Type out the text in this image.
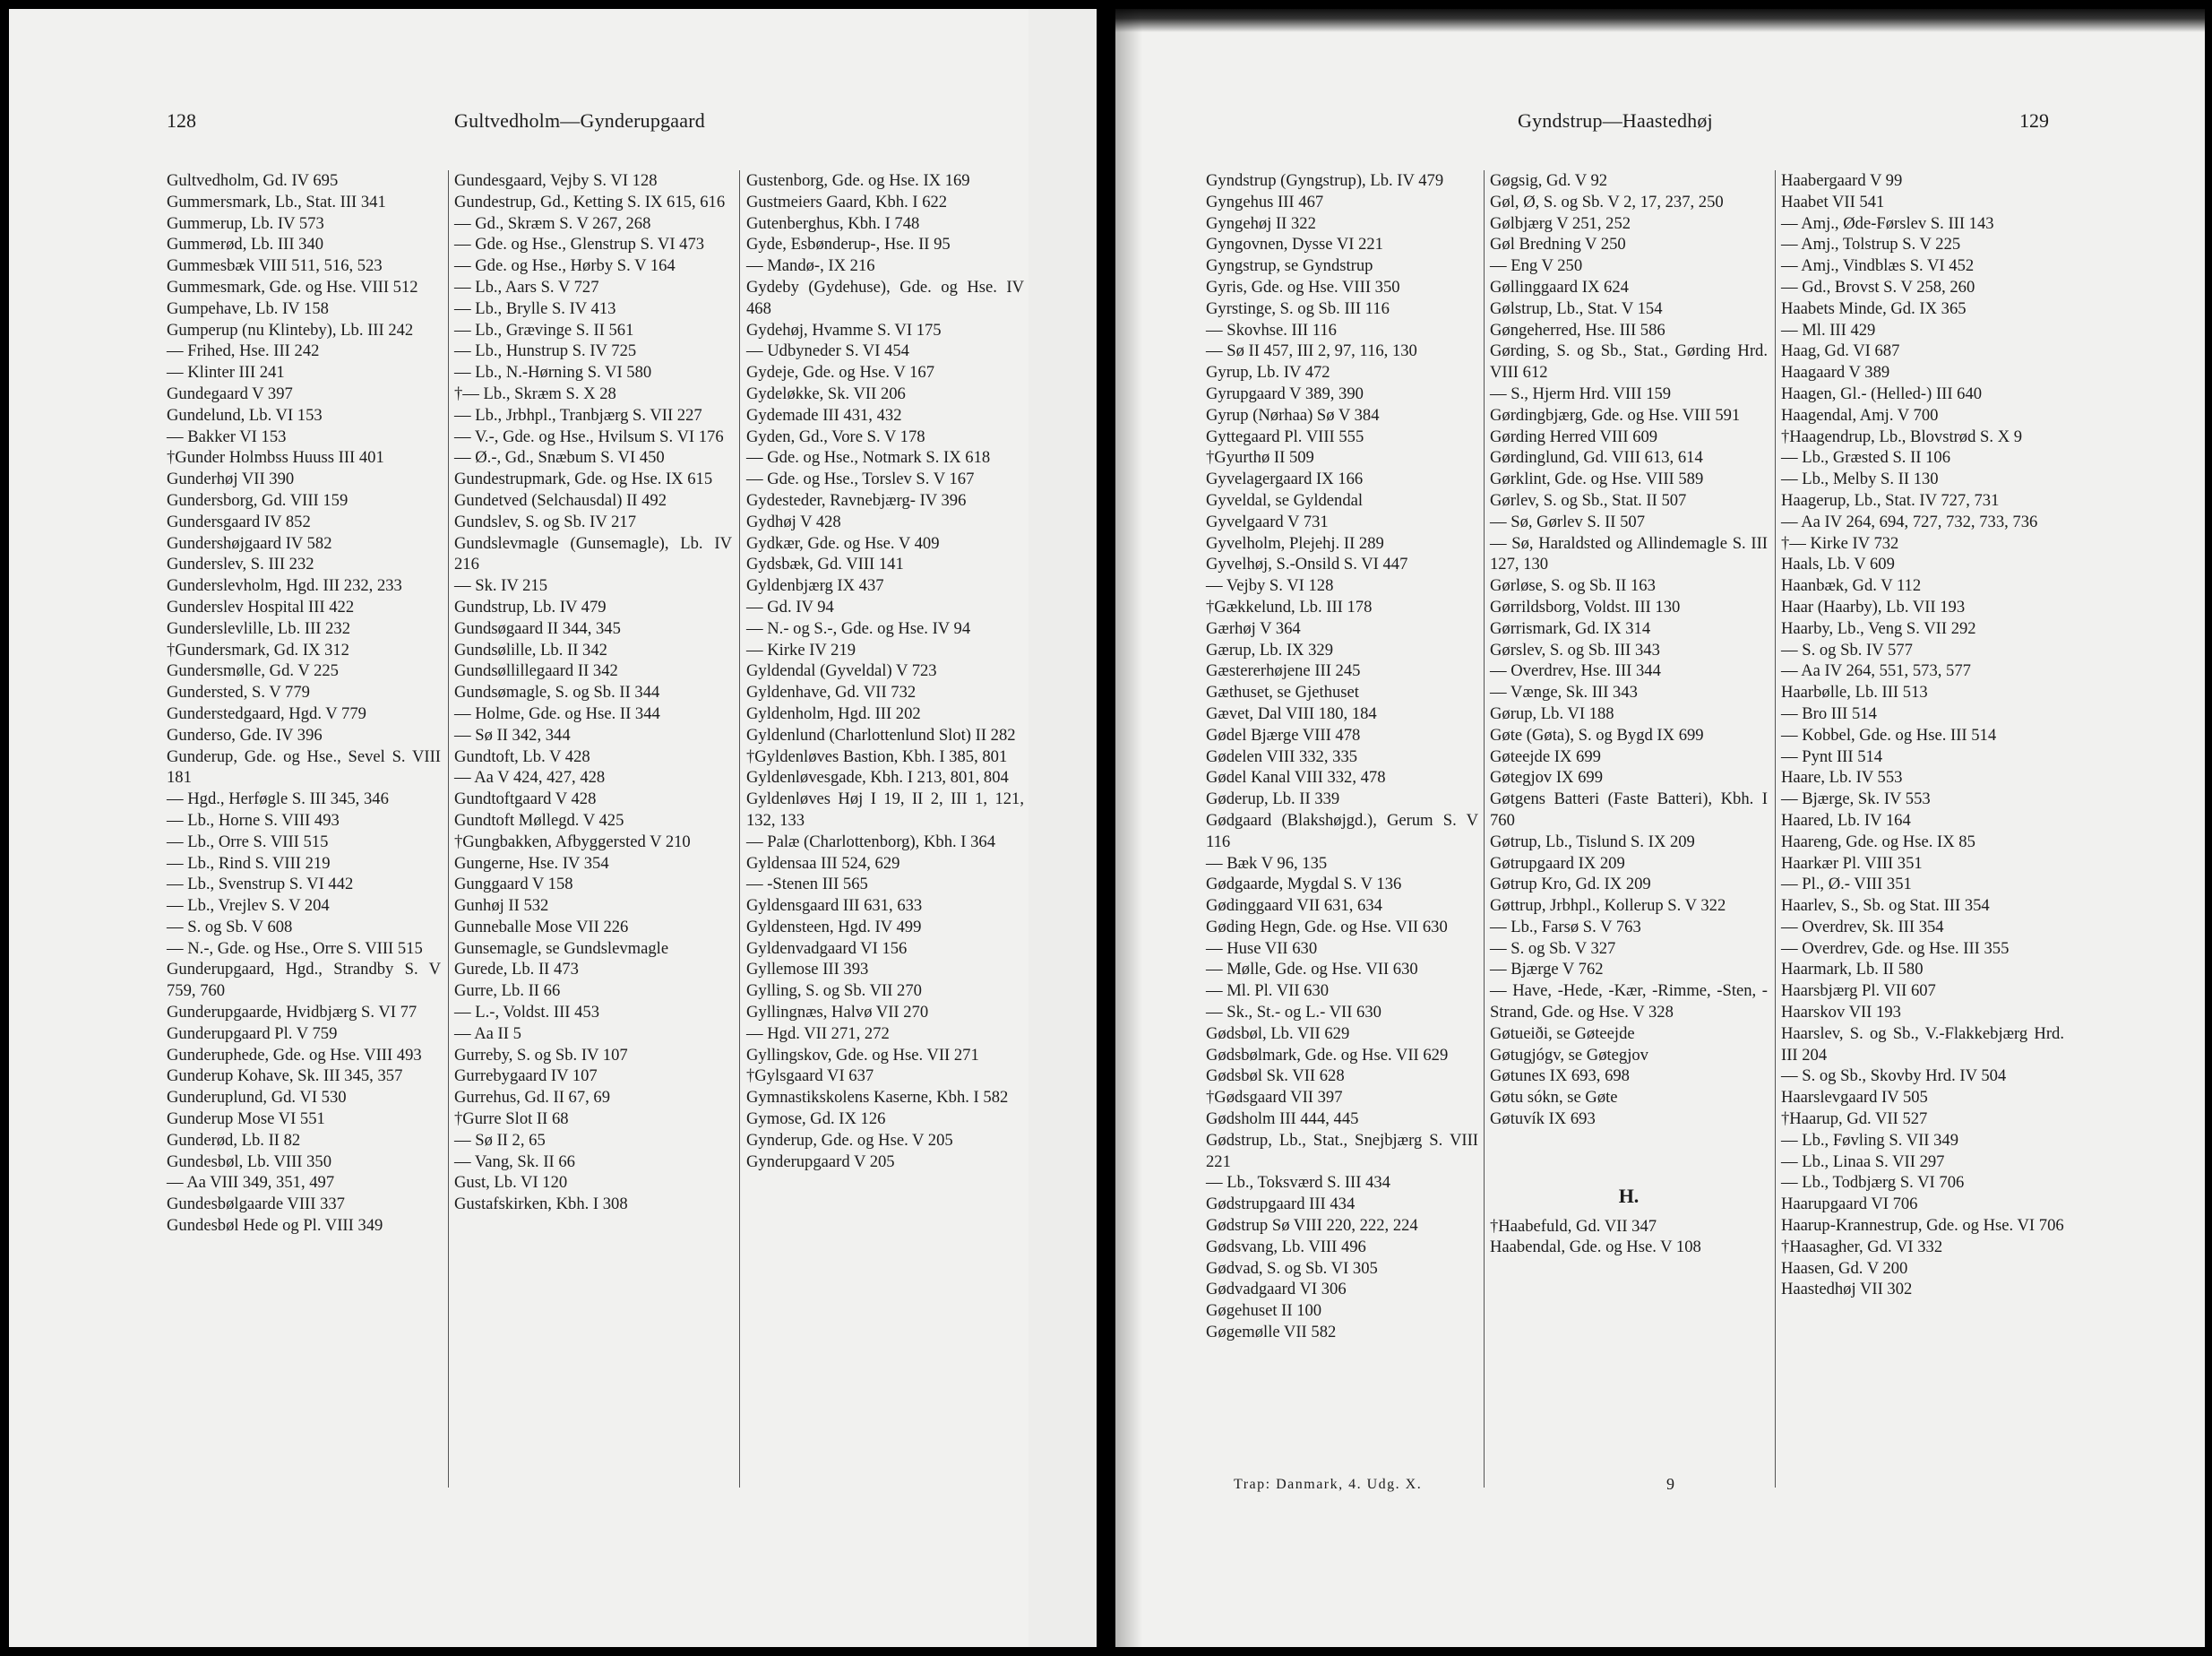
128	Gultvedholm—Gynderupgaard
Gultvedholm, Gd. IV 695
Gummersmark, Lb., Stat. III 341
Gummerup, Lb. IV 573
Gummerød, Lb. III 340
Gummesbæk VIII 511, 516, 523
Gummesmark, Gde. og Hse. VIII 512
Gumpehave, Lb. IV 158
Gumperup (nu Klinteby), Lb. III 242
— Frihed, Hse. III 242
— Klinter III 241
Gundegaard V 397
Gundelund, Lb. VI 153
— Bakker VI 153
†Gunder Holmbss Huuss III 401
Gunderhøj VII 390
Gundersborg, Gd. VIII 159
Gundersgaard IV 852
Gundershøjgaard IV 582
Gunderslev, S. III 232
Gunderslevholm, Hgd. III 232, 233
Gunderslev Hospital III 422
Gunderslevlille, Lb. III 232
†Gundersmark, Gd. IX 312
Gundersmølle, Gd. V 225
Gundersted, S. V 779
Gunderstedgaard, Hgd. V 779
Gunderso, Gde. IV 396
Gunderup, Gde. og Hse., Sevel S. VIII 181
— Hgd., Herføgle S. III 345, 346
— Lb., Horne S. VIII 493
— Lb., Orre S. VIII 515
— Lb., Rind S. VIII 219
— Lb., Svenstrup S. VI 442
— Lb., Vrejlev S. V 204
— S. og Sb. V 608
— N.-, Gde. og Hse., Orre S. VIII 515
Gunderupgaard, Hgd., Strandby S. V 759, 760
Gunderupgaarde, Hvidbjærg S. VI 77
Gunderupgaard Pl. V 759
Gunderuphede, Gde. og Hse. VIII 493
Gunderup Kohave, Sk. III 345, 357
Gunderuplund, Gd. VI 530
Gunderup Mose VI 551
Gunderød, Lb. II 82
Gundesbøl, Lb. VIII 350
— Aa VIII 349, 351, 497
Gundesbølgaarde VIII 337
Gundesbøl Hede og Pl. VIII 349
Gundesgaard, Vejby S. VI 128
Gundestrup, Gd., Ketting S. IX 615, 616
— Gd., Skræm S. V 267, 268
— Gde. og Hse., Glenstrup S. VI 473
— Gde. og Hse., Hørby S. V 164
— Lb., Aars S. V 727
— Lb., Brylle S. IV 413
— Lb., Grævinge S. II 561
— Lb., Hunstrup S. IV 725
— Lb., N.-Hørning S. VI 580
†— Lb., Skræm S. X 28
— Lb., Jrbhpl., Tranbjærg S. VII 227
— V.-, Gde. og Hse., Hvilsum S. VI 176
— Ø.-, Gd., Snæbum S. VI 450
Gundestrupmark, Gde. og Hse. IX 615
Gundetved (Selchausdal) II 492
Gundslev, S. og Sb. IV 217
Gundslevmagle (Gunsemagle), Lb. IV 216
— Sk. IV 215
Gundstrup, Lb. IV 479
Gundsøgaard II 344, 345
Gundsølille, Lb. II 342
Gundsøllillegaard II 342
Gundsømagle, S. og Sb. II 344
— Holme, Gde. og Hse. II 344
— Sø II 342, 344
Gundtoft, Lb. V 428
— Aa V 424, 427, 428
Gundtoftgaard V 428
Gundtoft Møllegd. V 425
†Gungbakken, Afbyggersted V 210
Gungerne, Hse. IV 354
Gunggaard V 158
Gunhøj II 532
Gunneballe Mose VII 226
Gunsemagle, se Gundslevmagle
Gurede, Lb. II 473
Gurre, Lb. II 66
— L.-, Voldst. III 453
— Aa II 5
Gurreby, S. og Sb. IV 107
Gurrebygaard IV 107
Gurrehus, Gd. II 67, 69
†Gurre Slot II 68
— Sø II 2, 65
— Vang, Sk. II 66
Gust, Lb. VI 120
Gustafskirken, Kbh. I 308
Gustenborg, Gde. og Hse. IX 169
Gustmeiers Gaard, Kbh. I 622
Gutenberghus, Kbh. I 748
Gyde, Esbønderup-, Hse. II 95
— Mandø-, IX 216
Gydeby (Gydehuse), Gde. og Hse. IV 468
Gydehøj, Hvamme S. VI 175
— Udbyneder S. VI 454
Gydeje, Gde. og Hse. V 167
Gydeløkke, Sk. VII 206
Gydemade III 431, 432
Gyden, Gd., Vore S. V 178
— Gde. og Hse., Notmark S. IX 618
— Gde. og Hse., Torslev S. V 167
Gydesteder, Ravnebjærg- IV 396
Gydhøj V 428
Gydkær, Gde. og Hse. V 409
Gydsbæk, Gd. VIII 141
Gyldenbjærg IX 437
— Gd. IV 94
— N.- og S.-, Gde. og Hse. IV 94
— Kirke IV 219
Gyldendal (Gyveldal) V 723
Gyldenhave, Gd. VII 732
Gyldenholm, Hgd. III 202
Gyldenlund (Charlottenlund Slot) II 282
†Gyldenløves Bastion, Kbh. I 385, 801
Gyldenløvesgade, Kbh. I 213, 801, 804
Gyldenløves Høj I 19, II 2, III 1, 121, 132, 133
— Palæ (Charlottenborg), Kbh. I 364
Gyldensaa III 524, 629
— -Stenen III 565
Gyldensgaard III 631, 633
Gyldensteen, Hgd. IV 499
Gyldenvadgaard VI 156
Gyllemose III 393
Gylling, S. og Sb. VII 270
Gyllingnæs, Halvø VII 270
— Hgd. VII 271, 272
Gyllingskov, Gde. og Hse. VII 271
†Gylsgaard VI 637
Gymnastikskolens Kaserne, Kbh. I 582
Gymose, Gd. IX 126
Gynderup, Gde. og Hse. V 205
Gynderupgaard V 205
Gyndstrup—Haastedhøj	129
Gyndstrup (Gyngstrup), Lb. IV 479
Gyngehus III 467
Gyngehøj II 322
Gyngovnen, Dysse VI 221
Gyngstrup, se Gyndstrup
Gyris, Gde. og Hse. VIII 350
Gyrstinge, S. og Sb. III 116
— Skovhse. III 116
— Sø II 457, III 2, 97, 116, 130
Gyrup, Lb. IV 472
Gyrupgaard V 389, 390
Gyrup (Nørhaa) Sø V 384
Gyttegaard Pl. VIII 555
†Gyurthø II 509
Gyvelagergaard IX 166
Gyveldal, se Gyldendal
Gyvelgaard V 731
Gyvelholm, Plejehj. II 289
Gyvelhøj, S.-Onsild S. VI 447
— Vejby S. VI 128
†Gækkelund, Lb. III 178
Gærhøj V 364
Gærup, Lb. IX 329
Gæstererhøjene III 245
Gæthuset, se Gjethuset
Gævet, Dal VIII 180, 184
Gødel Bjærge VIII 478
Gødelen VIII 332, 335
Gødel Kanal VIII 332, 478
Gøderup, Lb. II 339
Gødgaard (Blakshøjgd.), Gerum S. V 116
— Bæk V 96, 135
Gødgaarde, Mygdal S. V 136
Gødinggaard VII 631, 634
Gøding Hegn, Gde. og Hse. VII 630
— Huse VII 630
— Mølle, Gde. og Hse. VII 630
— Ml. Pl. VII 630
— Sk., St.- og L.- VII 630
Gødsbøl, Lb. VII 629
Gødsbølmark, Gde. og Hse. VII 629
Gødsbøl Sk. VII 628
†Gødsgaard VII 397
Gødsholm III 444, 445
Gødstrup, Lb., Stat., Snejbjærg S. VIII 221
— Lb., Toksværd S. III 434
Gødstrupgaard III 434
Gødstrup Sø VIII 220, 222, 224
Gødsvang, Lb. VIII 496
Gødvad, S. og Sb. VI 305
Gødvadgaard VI 306
Gøgehuset II 100
Gøgemølle VII 582
Gøgsig, Gd. V 92
Gøl, Ø, S. og Sb. V 2, 17, 237, 250
Gølbjærg V 251, 252
Gøl Bredning V 250
— Eng V 250
Gøllinggaard IX 624
Gølstrup, Lb., Stat. V 154
Gøngeherred, Hse. III 586
Gørding, S. og Sb., Stat., Gørding Hrd. VIII 612
— S., Hjerm Hrd. VIII 159
Gørdingbjærg, Gde. og Hse. VIII 591
Gørding Herred VIII 609
Gørdinglund, Gd. VIII 613, 614
Gørklint, Gde. og Hse. VIII 589
Gørlev, S. og Sb., Stat. II 507
— Sø, Gørlev S. II 507
— Sø, Haraldsted og Allindemagle S. III 127, 130
Gørløse, S. og Sb. II 163
Gørrildsborg, Voldst. III 130
Gørrismark, Gd. IX 314
Gørslev, S. og Sb. III 343
— Overdrev, Hse. III 344
— Vænge, Sk. III 343
Gørup, Lb. VI 188
Gøte (Gøta), S. og Bygd IX 699
Gøteejde IX 699
Gøtegjov IX 699
Gøtgens Batteri (Faste Batteri), Kbh. I 760
Gøtrup, Lb., Tislund S. IX 209
Gøtrupgaard IX 209
Gøtrup Kro, Gd. IX 209
Gøttrup, Jrbhpl., Kollerup S. V 322
— Lb., Farsø S. V 763
— S. og Sb. V 327
— Bjærge V 762
— Have, -Hede, -Kær, -Rimme, -Sten, -Strand, Gde. og Hse. V 328
Gøtueiði, se Gøteejde
Gøtugjógv, se Gøtegjov
Gøtunes IX 693, 698
Gøtu sókn, se Gøte
Gøtuvík IX 693
H.
†Haabefuld, Gd. VII 347
Haabendal, Gde. og Hse. V 108
Haabergaard V 99
Haabet VII 541
— Amj., Øde-Førslev S. III 143
— Amj., Tolstrup S. V 225
— Amj., Vindblæs S. VI 452
— Gd., Brovst S. V 258, 260
Haabets Minde, Gd. IX 365
— Ml. III 429
Haag, Gd. VI 687
Haagaard V 389
Haagen, Gl.- (Helled-) III 640
Haagendal, Amj. V 700
†Haagendrup, Lb., Blovstrød S. X 9
— Lb., Græsted S. II 106
— Lb., Melby S. II 130
Haagerup, Lb., Stat. IV 727, 731
— Aa IV 264, 694, 727, 732, 733, 736
†— Kirke IV 732
Haals, Lb. V 609
Haanbæk, Gd. V 112
Haar (Haarby), Lb. VII 193
Haarby, Lb., Veng S. VII 292
— S. og Sb. IV 577
— Aa IV 264, 551, 573, 577
Haarbølle, Lb. III 513
— Bro III 514
— Kobbel, Gde. og Hse. III 514
— Pynt III 514
Haare, Lb. IV 553
— Bjærge, Sk. IV 553
Haared, Lb. IV 164
Haareng, Gde. og Hse. IX 85
Haarkær Pl. VIII 351
— Pl., Ø.- VIII 351
Haarlev, S., Sb. og Stat. III 354
— Overdrev, Sk. III 354
— Overdrev, Gde. og Hse. III 355
Haarmark, Lb. II 580
Haarsbjærg Pl. VII 607
Haarskov VII 193
Haarslev, S. og Sb., V.-Flakkebjærg Hrd. III 204
— S. og Sb., Skovby Hrd. IV 504
Haarslevgaard IV 505
†Haarup, Gd. VII 527
— Lb., Føvling S. VII 349
— Lb., Linaa S. VII 297
— Lb., Todbjærg S. VI 706
Haarupgaard VI 706
Haarup-Krannestrup, Gde. og Hse. VI 706
†Haasagher, Gd. VI 332
Haasen, Gd. V 200
Haastedhøj VII 302
Trap: Danmark, 4. Udg. X.	9
